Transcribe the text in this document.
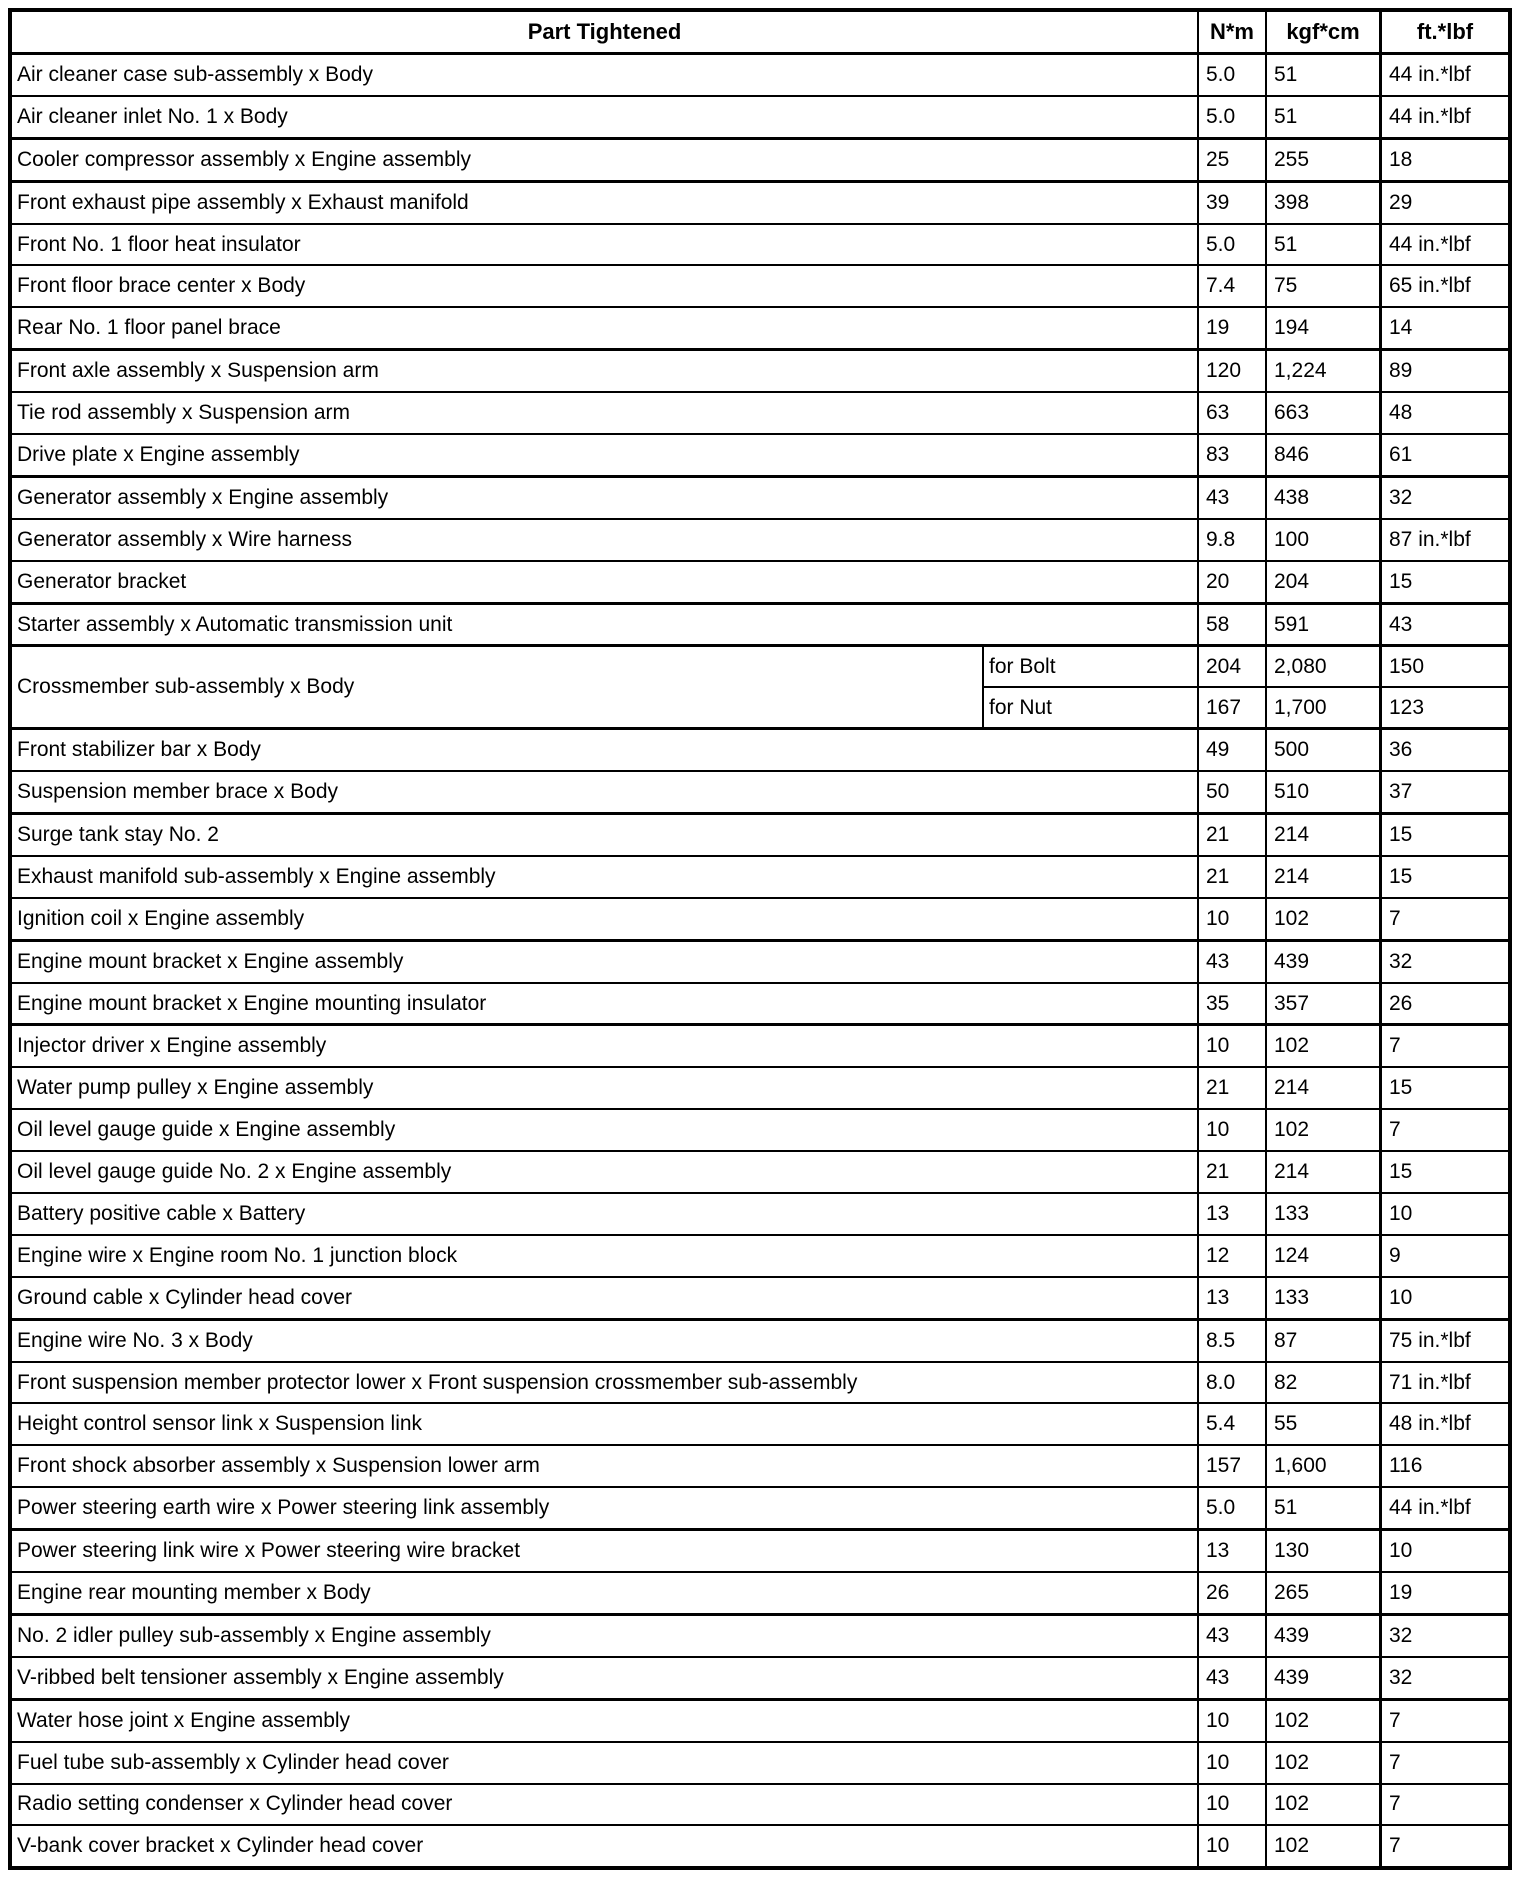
Part Tightened	N*m	kgf*cm	ft.*lbf
Air cleaner case sub-assembly x Body	5.0	51	44 in.*lbf
Air cleaner inlet No. 1 x Body	5.0	51	44 in.*lbf
Cooler compressor assembly x Engine assembly	25	255	18
Front exhaust pipe assembly x Exhaust manifold	39	398	29
Front No. 1 floor heat insulator	5.0	51	44 in.*lbf
Front floor brace center x Body	7.4	75	65 in.*lbf
Rear No. 1 floor panel brace	19	194	14
Front axle assembly x Suspension arm	120	1,224	89
Tie rod assembly x Suspension arm	63	663	48
Drive plate x Engine assembly	83	846	61
Generator assembly x Engine assembly	43	438	32
Generator assembly x Wire harness	9.8	100	87 in.*lbf
Generator bracket	20	204	15
Starter assembly x Automatic transmission unit	58	591	43
Crossmember sub-assembly x Body
for Bolt	204	2,080	150
for Nut	167	1,700	123
Front stabilizer bar x Body	49	500	36
Suspension member brace x Body	50	510	37
Surge tank stay No. 2	21	214	15
Exhaust manifold sub-assembly x Engine assembly	21	214	15
Ignition coil x Engine assembly	10	102	7
Engine mount bracket x Engine assembly	43	439	32
Engine mount bracket x Engine mounting insulator	35	357	26
Injector driver x Engine assembly	10	102	7
Water pump pulley x Engine assembly	21	214	15
Oil level gauge guide x Engine assembly	10	102	7
Oil level gauge guide No. 2 x Engine assembly	21	214	15
Battery positive cable x Battery	13	133	10
Engine wire x Engine room No. 1 junction block	12	124	9
Ground cable x Cylinder head cover	13	133	10
Engine wire No. 3 x Body	8.5	87	75 in.*lbf
Front suspension member protector lower x Front suspension crossmember sub-assembly	8.0	82	71 in.*lbf
Height control sensor link x Suspension link	5.4	55	48 in.*lbf
Front shock absorber assembly x Suspension lower arm	157	1,600	116
Power steering earth wire x Power steering link assembly	5.0	51	44 in.*lbf
Power steering link wire x Power steering wire bracket	13	130	10
Engine rear mounting member x Body	26	265	19
No. 2 idler pulley sub-assembly x Engine assembly	43	439	32
V-ribbed belt tensioner assembly x Engine assembly	43	439	32
Water hose joint x Engine assembly	10	102	7
Fuel tube sub-assembly x Cylinder head cover	10	102	7
Radio setting condenser x Cylinder head cover	10	102	7
V-bank cover bracket x Cylinder head cover	10	102	7
